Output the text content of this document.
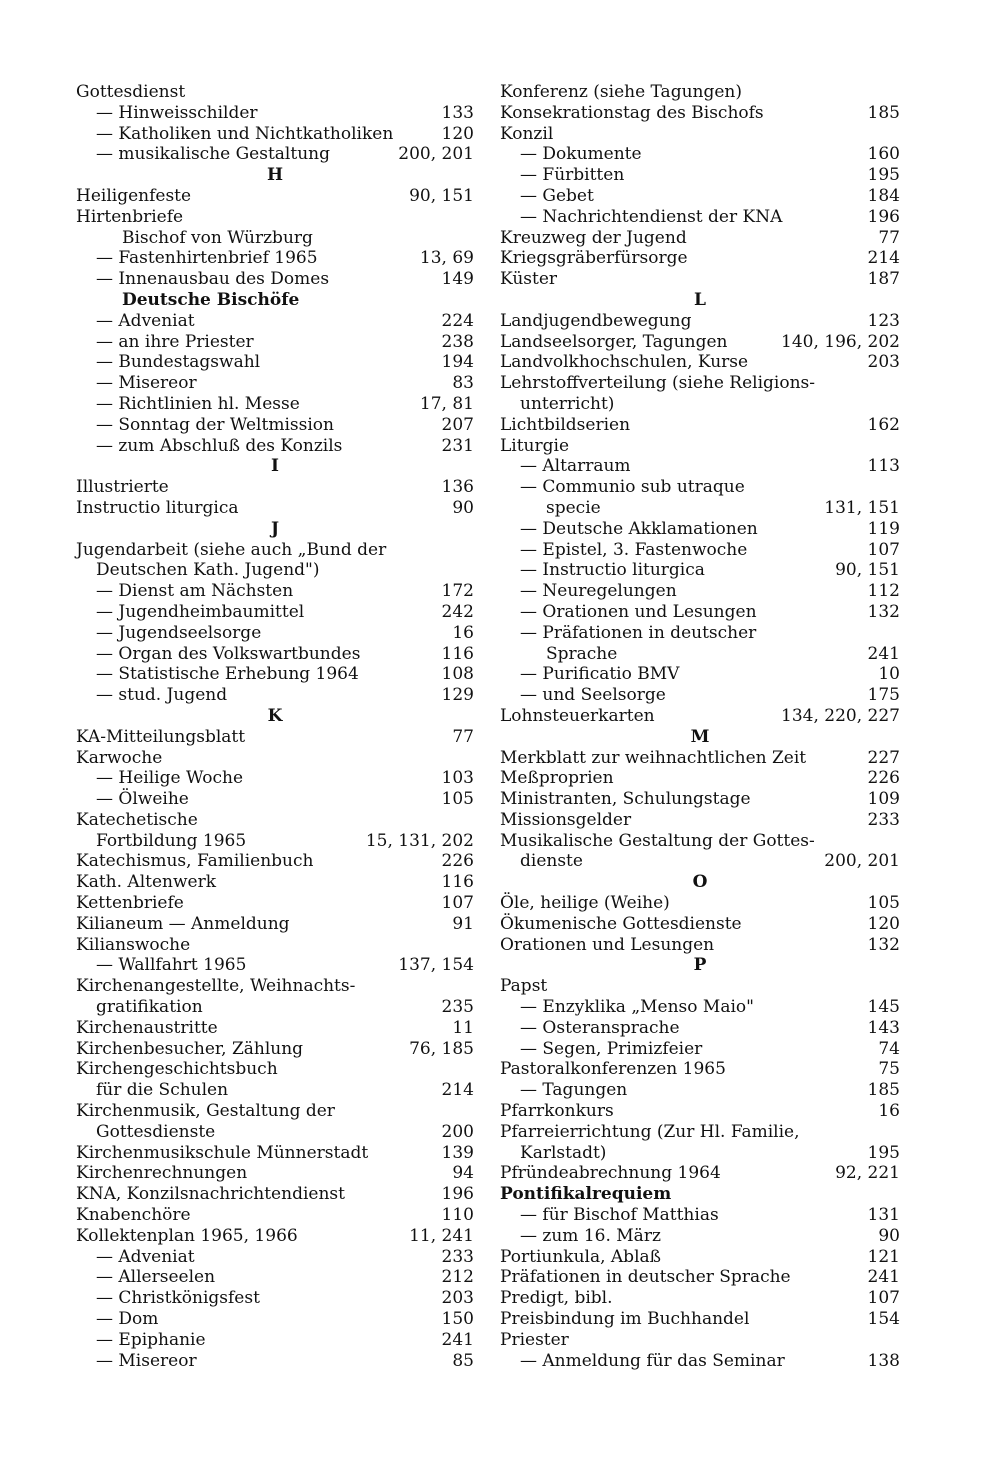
Gottesdienst
— Hinweisschilder	133
— Katholiken und Nichtkatholiken	120
— musikalische Gestaltung	200, 201
H
Heiligenfeste	90, 151
Hirtenbriefe
Bischof von Würzburg
— Fastenhirtenbrief 1965	13, 69
— Innenausbau des Domes	149
Deutsche Bischöfe
— Adveniat	224
— an ihre Priester	238
— Bundestagswahl	194
— Misereor	83
— Richtlinien hl. Messe	17, 81
— Sonntag der Weltmission	207
— zum Abschluß des Konzils	231
I
Illustrierte	136
Instructio liturgica	90
J
Jugendarbeit (siehe auch „Bund der
Deutschen Kath. Jugend")
— Dienst am Nächsten	172
— Jugendheimbaumittel	242
— Jugendseelsorge	16
— Organ des Volkswartbundes	116
— Statistische Erhebung 1964	108
— stud. Jugend	129
K
KA-Mitteilungsblatt	77
Karwoche
— Heilige Woche	103
— Ölweihe	105
Katechetische
Fortbildung 1965	15, 131, 202
Katechismus, Familienbuch	226
Kath. Altenwerk	116
Kettenbriefe	107
Kilianeum — Anmeldung	91
Kilianswoche
— Wallfahrt 1965	137, 154
Kirchenangestellte, Weihnachts-
gratifikation	235
Kirchenaustritte	11
Kirchenbesucher, Zählung	76, 185
Kirchengeschichtsbuch
für die Schulen	214
Kirchenmusik, Gestaltung der
Gottesdienste	200
Kirchenmusikschule Münnerstadt	139
Kirchenrechnungen	94
KNA, Konzilsnachrichtendienst	196
Knabenchöre	110
Kollektenplan 1965, 1966	11, 241
— Adveniat	233
— Allerseelen	212
— Christkönigsfest	203
— Dom	150
— Epiphanie	241
— Misereor	85
Konferenz (siehe Tagungen)
Konsekrationstag des Bischofs	185
Konzil
— Dokumente	160
— Fürbitten	195
— Gebet	184
— Nachrichtendienst der KNA	196
Kreuzweg der Jugend	77
Kriegsgräberfürsorge	214
Küster	187
L
Landjugendbewegung	123
Landseelsorger, Tagungen	140, 196, 202
Landvolkhochschulen, Kurse	203
Lehrstoffverteilung (siehe Religions-
unterricht)
Lichtbildserien	162
Liturgie
— Altarraum	113
— Communio sub utraque
specie	131, 151
— Deutsche Akklamationen	119
— Epistel, 3. Fastenwoche	107
— Instructio liturgica	90, 151
— Neuregelungen	112
— Orationen und Lesungen	132
— Präfationen in deutscher
Sprache	241
— Purificatio BMV	10
— und Seelsorge	175
Lohnsteuerkarten	134, 220, 227
M
Merkblatt zur weihnachtlichen Zeit	227
Meßproprien	226
Ministranten, Schulungstage	109
Missionsgelder	233
Musikalische Gestaltung der Gottes-
dienste	200, 201
O
Öle, heilige (Weihe)	105
Ökumenische Gottesdienste	120
Orationen und Lesungen	132
P
Papst
— Enzyklika „Menso Maio"	145
— Osteransprache	143
— Segen, Primizfeier	74
Pastoralkonferenzen 1965	75
— Tagungen	185
Pfarrkonkurs	16
Pfarreierrichtung (Zur Hl. Familie,
Karlstadt)	195
Pfründeabrechnung 1964	92, 221
Pontifikalrequiem
— für Bischof Matthias	131
— zum 16. März	90
Portiunkula, Ablaß	121
Präfationen in deutscher Sprache	241
Predigt, bibl.	107
Preisbindung im Buchhandel	154
Priester
— Anmeldung für das Seminar	138
